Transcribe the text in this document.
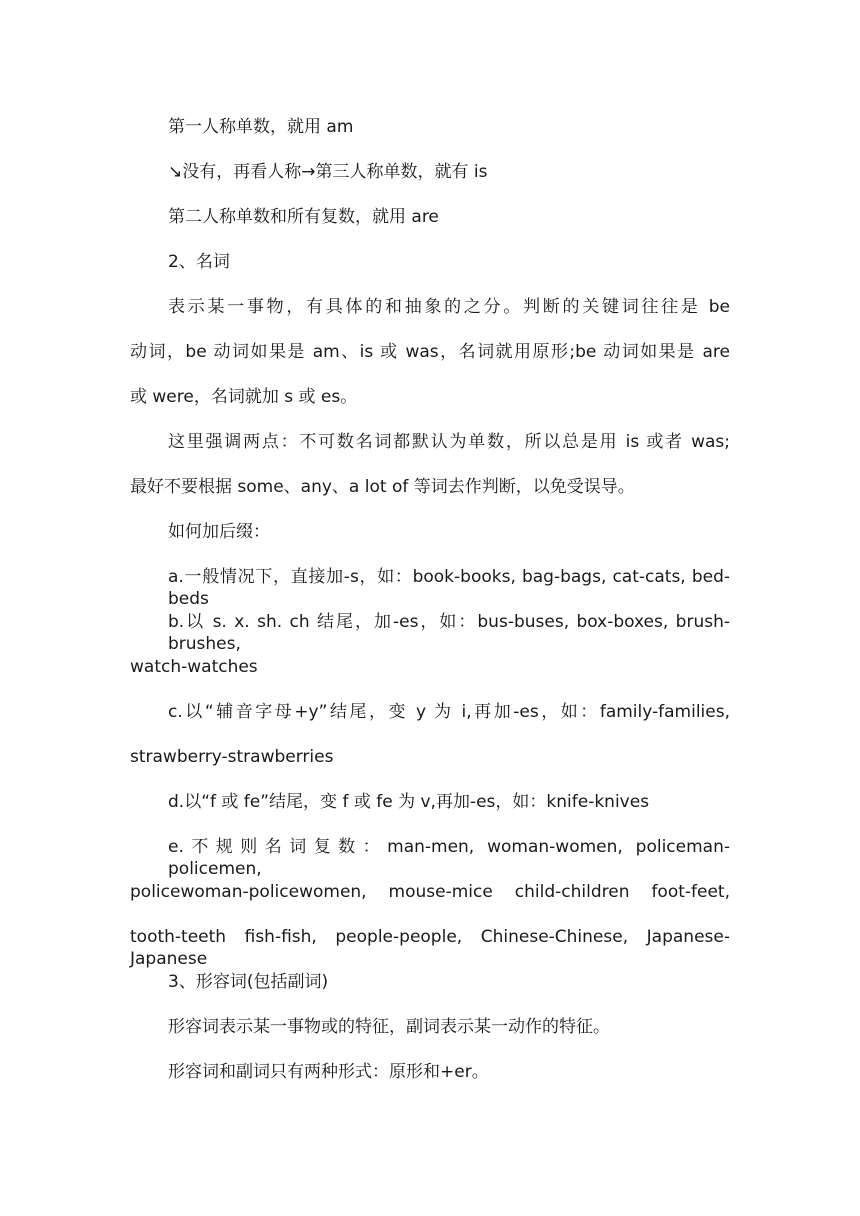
第一人称单数，就用 am
↘没有，再看人称→第三人称单数，就有 is
第二人称单数和所有复数，就用 are
2、名词
表示某一事物，有具体的和抽象的之分。判断的关键词往往是 be
动词，be 动词如果是 am、is 或 was，名词就用原形;be 动词如果是 are
或 were，名词就加 s 或 es。
这里强调两点：不可数名词都默认为单数，所以总是用 is 或者 was;
最好不要根据 some、any、a lot of 等词去作判断，以免受误导。
如何加后缀：
a.一般情况下，直接加-s，如：book-books, bag-bags, cat-cats, bed-beds
b.以 s. x. sh. ch 结尾，加-es，如：bus-buses, box-boxes, brush-brushes,
watch-watches
c.以“辅音字母+y”结尾，变 y 为 i,再加-es，如：family-families,
strawberry-strawberries
d.以“f 或 fe”结尾，变 f 或 fe 为 v,再加-es，如：knife-knives
e.不规则名词复数：man-men, woman-women, policeman-policemen,
policewoman-policewomen, mouse-mice child-children foot-feet,
tooth-teeth fish-fish, people-people, Chinese-Chinese, Japanese-Japanese
3、形容词(包括副词)
形容词表示某一事物或的特征，副词表示某一动作的特征。
形容词和副词只有两种形式：原形和+er。
